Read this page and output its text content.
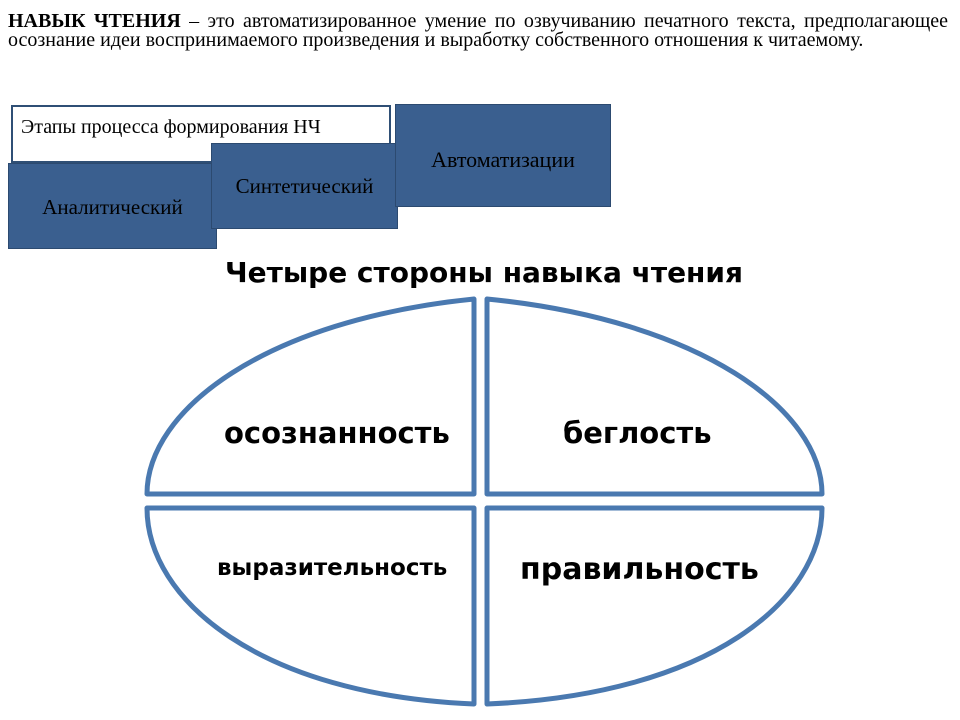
НАВЫК ЧТЕНИЯ – это автоматизированное умение по озвучиванию печатного текста, предполагающее осознание идеи воспринимаемого произведения и выработку собственного отношения к читаемому.
Этапы процесса формирования НЧ
Аналитический
Синтетический
Автоматизации
Четыре стороны навыка чтения
осознанность	беглость
выразительность правильность
